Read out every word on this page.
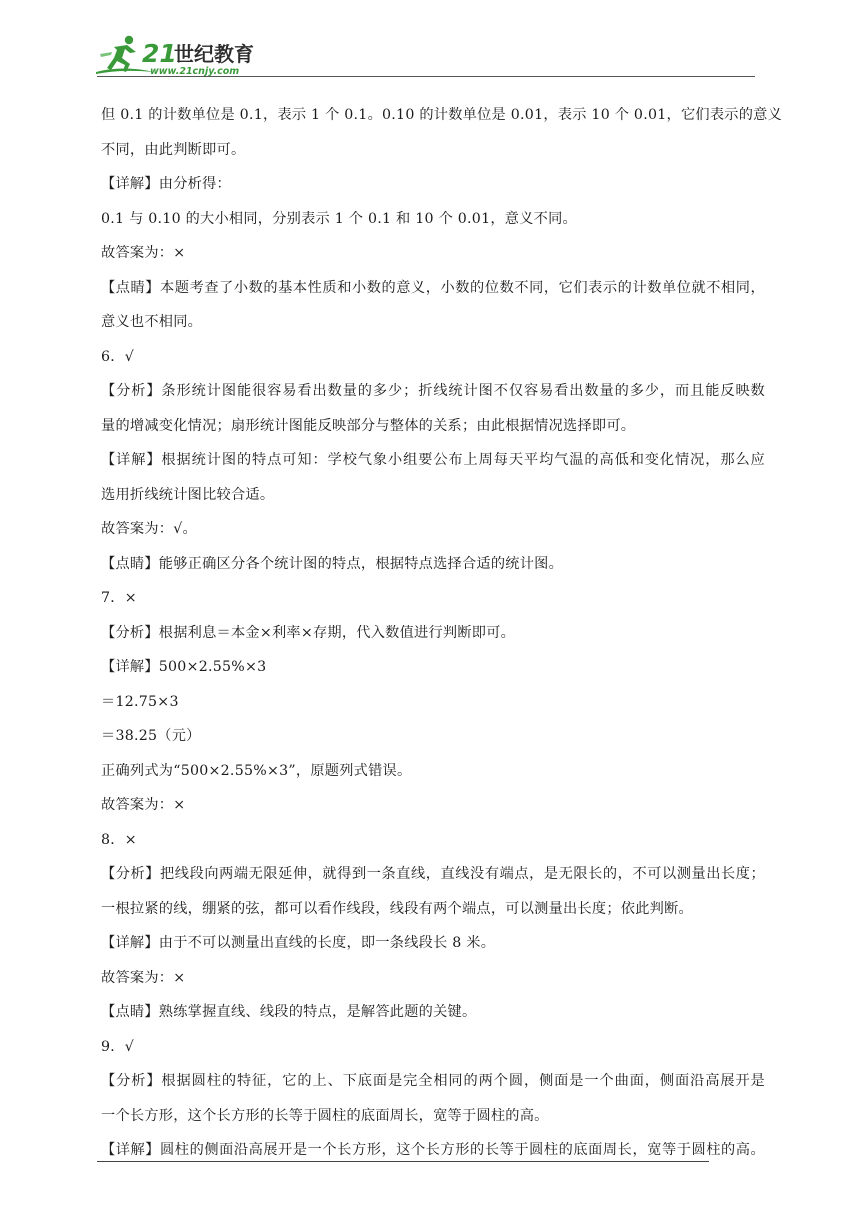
21
世纪教育
www.21cnjy.com
但 0.1 的计数单位是 0.1，表示 1 个 0.1。0.10 的计数单位是 0.01，表示 10 个 0.01，它们表示的意义
不同，由此判断即可。
【详解】由分析得：
0.1 与 0.10 的大小相同，分别表示 1 个 0.1 和 10 个 0.01，意义不同。
故答案为：×
【点睛】本题考查了小数的基本性质和小数的意义，小数的位数不同，它们表示的计数单位就不相同，
意义也不相同。
6．√
【分析】条形统计图能很容易看出数量的多少；折线统计图不仅容易看出数量的多少，而且能反映数
量的增减变化情况；扇形统计图能反映部分与整体的关系；由此根据情况选择即可。
【详解】根据统计图的特点可知：学校气象小组要公布上周每天平均气温的高低和变化情况，那么应
选用折线统计图比较合适。
故答案为：√。
【点睛】能够正确区分各个统计图的特点，根据特点选择合适的统计图。
7．×
【分析】根据利息＝本金×利率×存期，代入数值进行判断即可。
【详解】500×2.55%×3
＝12.75×3
＝38.25（元）
正确列式为“500×2.55%×3”，原题列式错误。
故答案为：×
8．×
【分析】把线段向两端无限延伸，就得到一条直线，直线没有端点，是无限长的，不可以测量出长度；
一根拉紧的线，绷紧的弦，都可以看作线段，线段有两个端点，可以测量出长度；依此判断。
【详解】由于不可以测量出直线的长度，即一条线段长 8 米。
故答案为：×
【点睛】熟练掌握直线、线段的特点，是解答此题的关键。
9．√
【分析】根据圆柱的特征，它的上、下底面是完全相同的两个圆，侧面是一个曲面，侧面沿高展开是
一个长方形，这个长方形的长等于圆柱的底面周长，宽等于圆柱的高。
【详解】圆柱的侧面沿高展开是一个长方形，这个长方形的长等于圆柱的底面周长，宽等于圆柱的高。
